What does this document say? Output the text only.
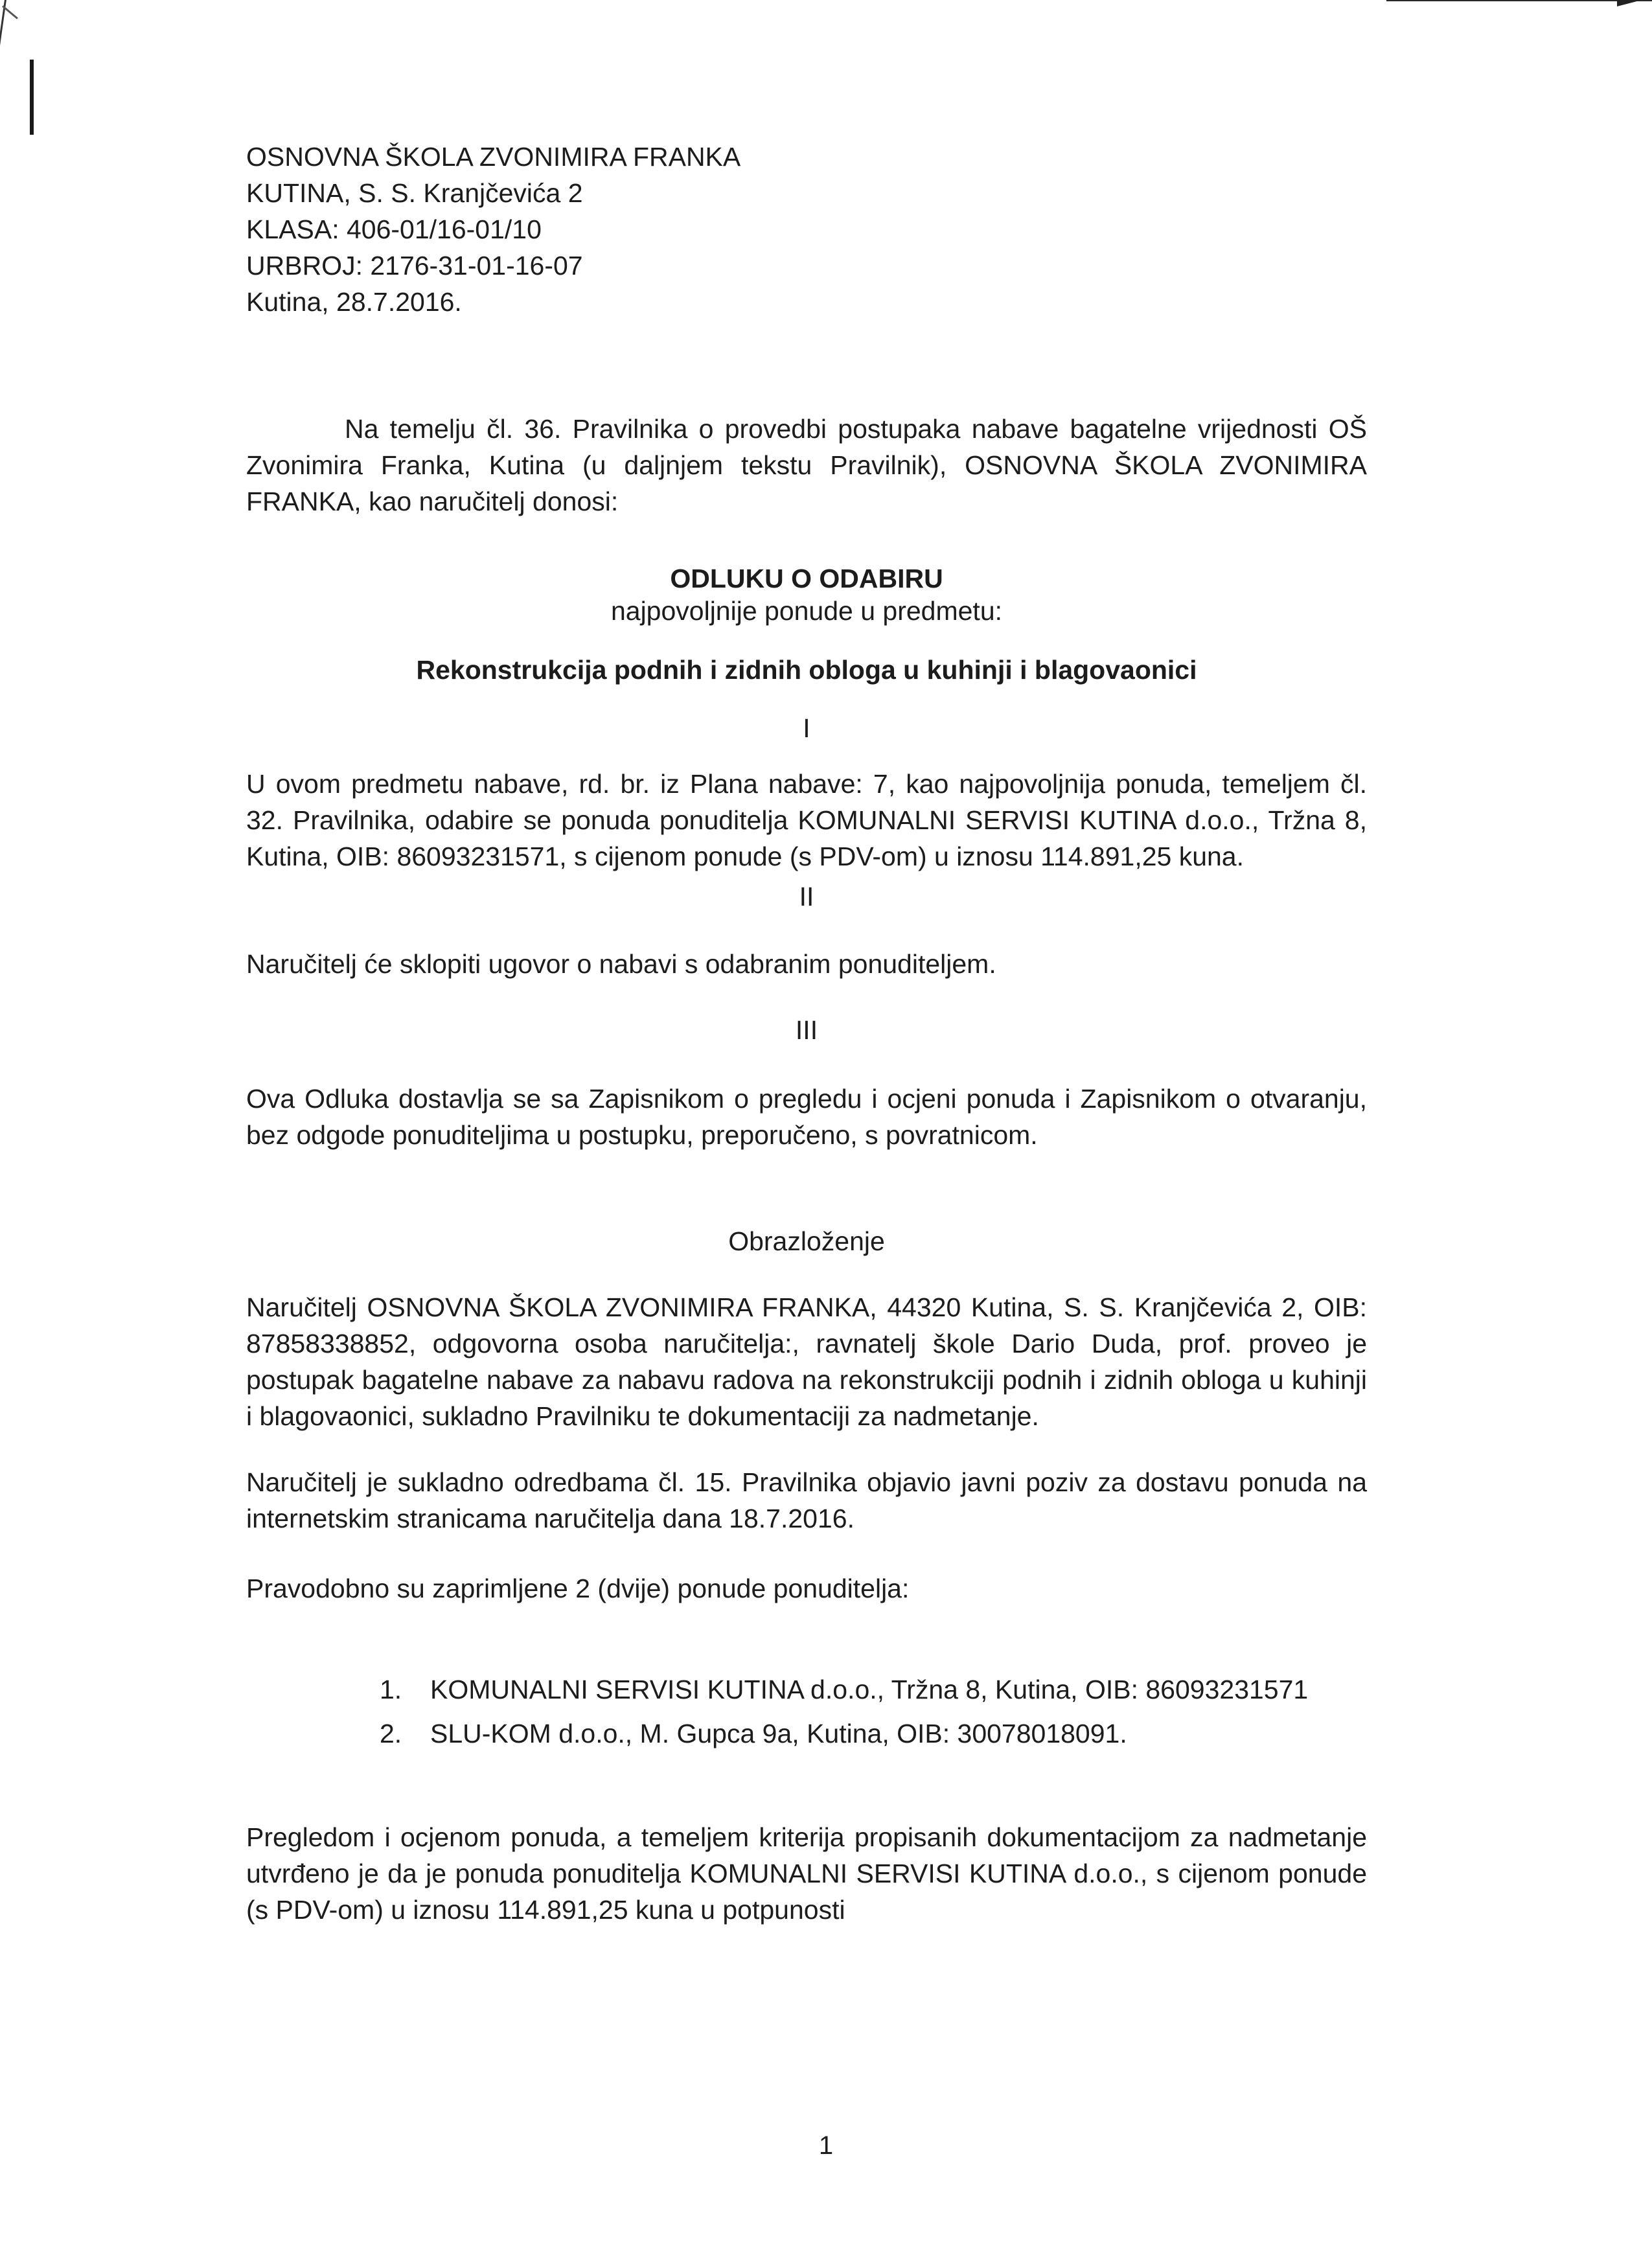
OSNOVNA ŠKOLA ZVONIMIRA FRANKA
KUTINA, S. S. Kranjčevića 2
KLASA: 406-01/16-01/10
URBROJ: 2176-31-01-16-07
Kutina, 28.7.2016.

Na temelju čl. 36. Pravilnika o provedbi postupaka nabave bagatelne vrijednosti OŠ Zvonimira Franka, Kutina (u daljnjem tekstu Pravilnik), OSNOVNA ŠKOLA ZVONIMIRA FRANKA, kao naručitelj donosi:

ODLUKU O ODABIRU
najpovoljnije ponude u predmetu:
Rekonstrukcija podnih i zidnih obloga u kuhinji i blagovaonici
I

U ovom predmetu nabave, rd. br. iz Plana nabave: 7, kao najpovoljnija ponuda, temeljem čl. 32. Pravilnika, odabire se ponuda ponuditelja KOMUNALNI SERVISI KUTINA d.o.o., Tržna 8, Kutina, OIB: 86093231571, s cijenom ponude (s PDV-om) u iznosu 114.891,25 kuna.

II

Naručitelj će sklopiti ugovor o nabavi s odabranim ponuditeljem.

III

Ova Odluka dostavlja se sa Zapisnikom o pregledu i ocjeni ponuda i Zapisnikom o otvaranju, bez odgode ponuditeljima u postupku, preporučeno, s povratnicom.

Obrazloženje

Naručitelj OSNOVNA ŠKOLA ZVONIMIRA FRANKA, 44320 Kutina, S. S. Kranjčevića 2, OIB: 87858338852, odgovorna osoba naručitelja:, ravnatelj škole Dario Duda, prof. proveo je postupak bagatelne nabave za nabavu radova na rekonstrukciji podnih i zidnih obloga u kuhinji i blagovaonici, sukladno Pravilniku te dokumentaciji za nadmetanje.

Naručitelj je sukladno odredbama čl. 15. Pravilnika objavio javni poziv za dostavu ponuda na internetskim stranicama naručitelja dana 18.7.2016.

Pravodobno su zaprimljene 2 (dvije) ponude ponuditelja:

1.	KOMUNALNI SERVISI KUTINA d.o.o., Tržna 8, Kutina, OIB: 86093231571
2.	SLU-KOM d.o.o., M. Gupca 9a, Kutina, OIB: 30078018091.

Pregledom i ocjenom ponuda, a temeljem kriterija propisanih dokumentacijom za nadmetanje utvrđeno je da je ponuda ponuditelja KOMUNALNI SERVISI KUTINA d.o.o., s cijenom ponude (s PDV-om) u iznosu 114.891,25 kuna u potpunosti

1
